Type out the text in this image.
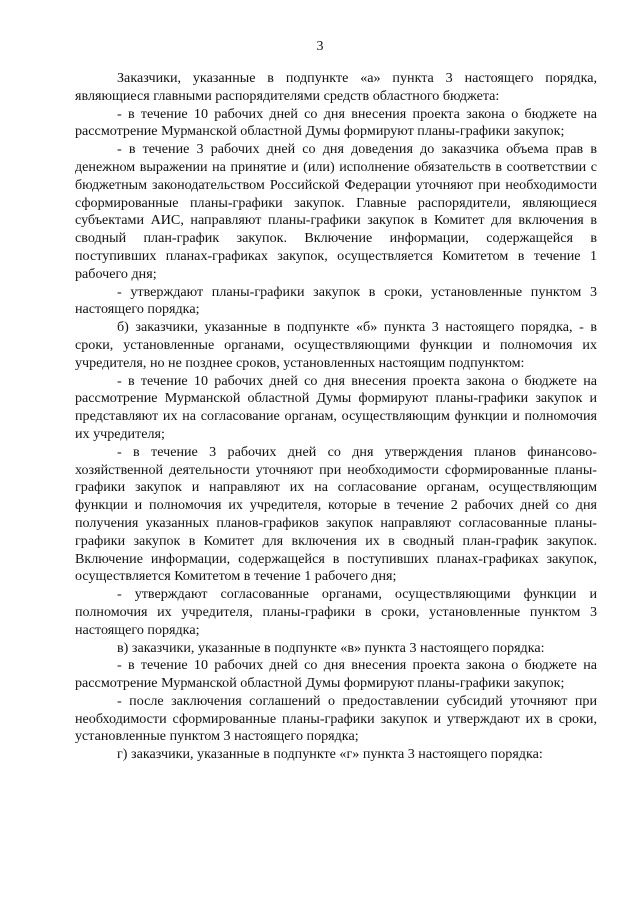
3

Заказчики, указанные в подпункте «а» пункта 3 настоящего порядка, являющиеся главными распорядителями средств областного бюджета:

- в течение 10 рабочих дней со дня внесения проекта закона о бюджете на рассмотрение Мурманской областной Думы формируют планы-графики закупок;

- в течение 3 рабочих дней со дня доведения до заказчика объема прав в денежном выражении на принятие и (или) исполнение обязательств в соответствии с бюджетным законодательством Российской Федерации уточняют при необходимости сформированные планы-графики закупок. Главные распорядители, являющиеся субъектами АИС, направляют планы-графики закупок в Комитет для включения в сводный план-график закупок. Включение информации, содержащейся в поступивших планах-графиках закупок, осуществляется Комитетом в течение 1 рабочего дня;

- утверждают планы-графики закупок в сроки, установленные пунктом 3 настоящего порядка;

б) заказчики, указанные в подпункте «б» пункта 3 настоящего порядка, - в сроки, установленные органами, осуществляющими функции и полномочия их учредителя, но не позднее сроков, установленных настоящим подпунктом:

- в течение 10 рабочих дней со дня внесения проекта закона о бюджете на рассмотрение Мурманской областной Думы формируют планы-графики закупок и представляют их на согласование органам, осуществляющим функции и полномочия их учредителя;

- в течение 3 рабочих дней со дня утверждения планов финансово-хозяйственной деятельности уточняют при необходимости сформированные планы-графики закупок и направляют их на согласование органам, осуществляющим функции и полномочия их учредителя, которые в течение 2 рабочих дней со дня получения указанных планов-графиков закупок направляют согласованные планы-графики закупок в Комитет для включения их в сводный план-график закупок. Включение информации, содержащейся в поступивших планах-графиках закупок, осуществляется Комитетом в течение 1 рабочего дня;

- утверждают согласованные органами, осуществляющими функции и полномочия их учредителя, планы-графики в сроки, установленные пунктом 3 настоящего порядка;

в) заказчики, указанные в подпункте «в» пункта 3 настоящего порядка:

- в течение 10 рабочих дней со дня внесения проекта закона о бюджете на рассмотрение Мурманской областной Думы формируют планы-графики закупок;

- после заключения соглашений о предоставлении субсидий уточняют при необходимости сформированные планы-графики закупок и утверждают их в сроки, установленные пунктом 3 настоящего порядка;

г) заказчики, указанные в подпункте «г» пункта 3 настоящего порядка:
